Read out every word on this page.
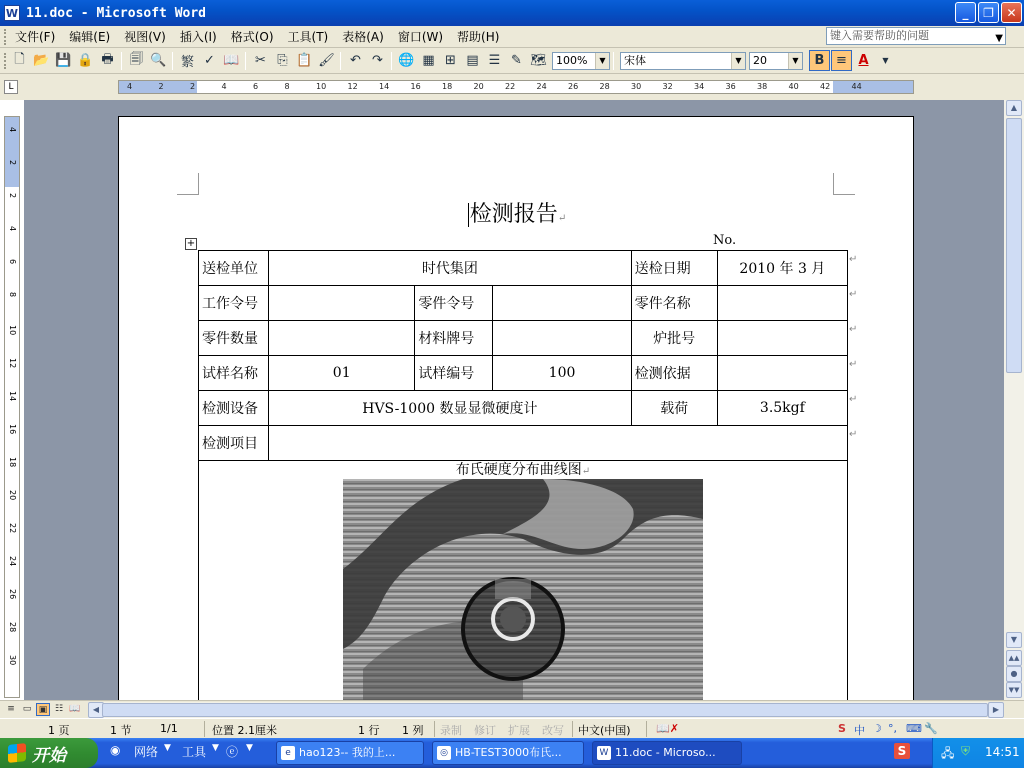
W 11.doc - Microsoft Word	_	❐	✕
文件(F)	编辑(E)	视图(V)	插入(I)	格式(O)	工具(T)	表格(A)	窗口(W)	帮助(H)	键入需要帮助的问题	▼
🗋 📂 💾 🔒 🖶	🗐 🔍	繁 ✓ 📖	✂ ⎘ 📋 🖌	↶ ↷	🌐 ▦ ⊞ ▤ ☰ ✎ 🗺 100%	▼	宋体	▼	20	▼	B ≡ A	▼
L	4	2	2	4	6	8	10	12	14	16	18	20	22	24	26	28	30	32	34	36	38	40	42	44
4
2
2
4
6
8
10
12
14
16
18
20
22
24
26
28
30
检测报告↵
No.
+
送检单位	时代集团			送检日期	2010 年 3 月
工作令号		零件令号		零件名称	
零件数量		材料牌号		炉批号	
试样名称	01	试样编号	100	检测依据	
检测设备	HVS-1000 数显显微硬度计			载荷	3.5kgf
检测项目					
↵
↵
↵
↵
↵
↵
布氏硬度分布曲线图↵
▲
▼
▲▲
●
▼▼
≡ ▭ ▣ ☷ 📖	◀	▶
1 页	1 节	1/1	位置 2.1厘米	1 行 1 列 录制 修订 扩展 改写 中文(中国) 📖✗	S 中 ☽ °, ⌨ 🔧
开始	◉ 网络 ▼ 工具 ▼ ⓔ ▼	e hao123-- 我的上...	◎ HB-TEST3000布氏...	W 11.doc - Microso...	S	🖧 ⛨ 14:51
